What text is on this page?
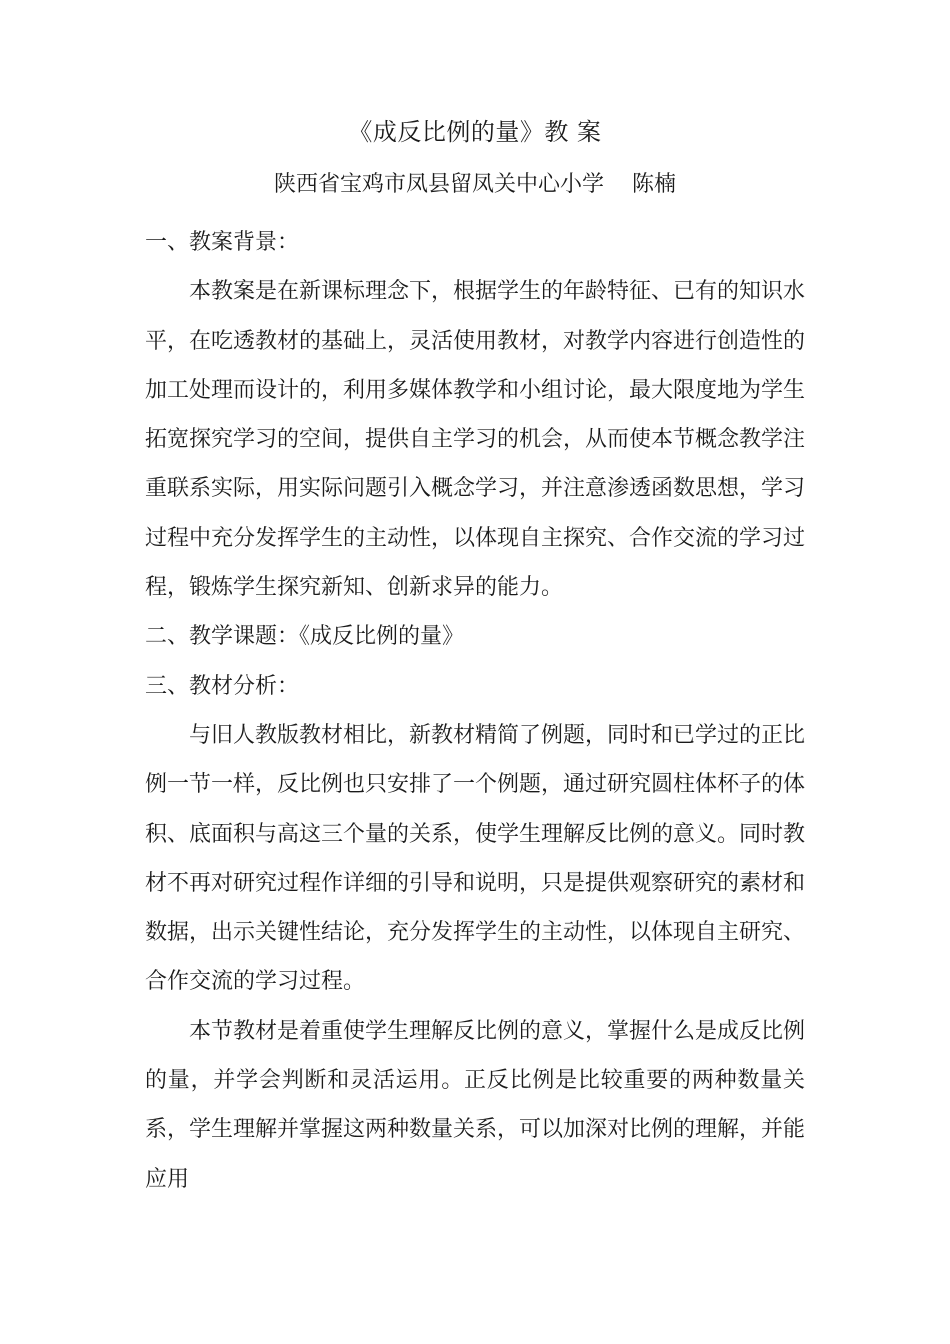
《成反比例的量》教 案
陕西省宝鸡市凤县留凤关中心小学    陈楠

一、教案背景：

本教案是在新课标理念下，根据学生的年龄特征、已有的知识水平，在吃透教材的基础上，灵活使用教材，对教学内容进行创造性的加工处理而设计的，利用多媒体教学和小组讨论，最大限度地为学生拓宽探究学习的空间，提供自主学习的机会，从而使本节概念教学注重联系实际，用实际问题引入概念学习，并注意渗透函数思想，学习过程中充分发挥学生的主动性，以体现自主探究、合作交流的学习过程，锻炼学生探究新知、创新求异的能力。

二、教学课题：《成反比例的量》

三、教材分析：

与旧人教版教材相比，新教材精简了例题，同时和已学过的正比例一节一样，反比例也只安排了一个例题，通过研究圆柱体杯子的体积、底面积与高这三个量的关系，使学生理解反比例的意义。同时教材不再对研究过程作详细的引导和说明，只是提供观察研究的素材和数据，出示关键性结论，充分发挥学生的主动性，以体现自主研究、合作交流的学习过程。

本节教材是着重使学生理解反比例的意义，掌握什么是成反比例的量，并学会判断和灵活运用。正反比例是比较重要的两种数量关系，学生理解并掌握这两种数量关系，可以加深对比例的理解，并能应用
